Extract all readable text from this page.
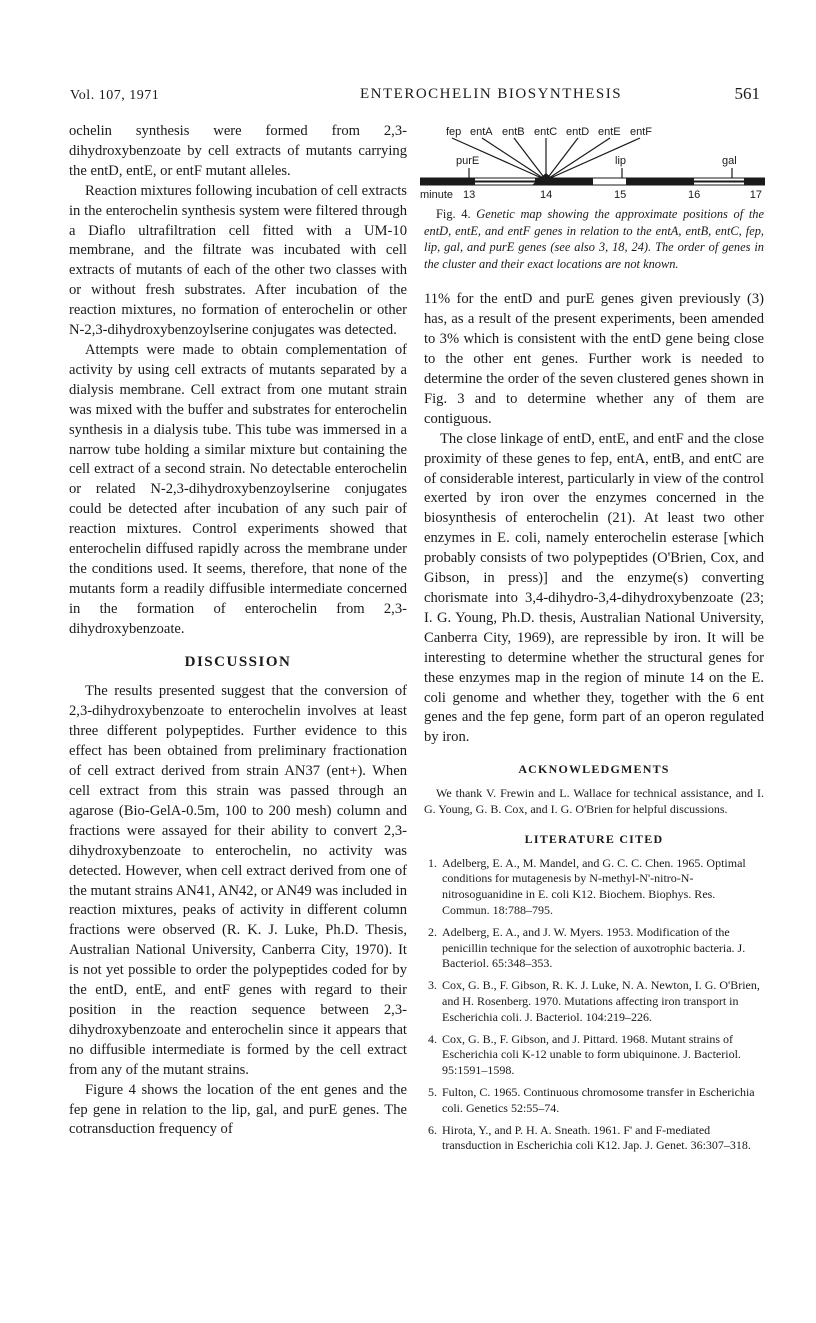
Vol. 107, 1971	ENTEROCHELIN BIOSYNTHESIS	561

ochelin synthesis were formed from 2,3-dihydroxybenzoate by cell extracts of mutants carrying the entD, entE, or entF mutant alleles.

Reaction mixtures following incubation of cell extracts in the enterochelin synthesis system were filtered through a Diaflo ultrafiltration cell fitted with a UM-10 membrane, and the filtrate was incubated with cell extracts of mutants of each of the other two classes with or without fresh substrates. After incubation of the reaction mixtures, no formation of enterochelin or other N-2,3-dihydroxybenzoylserine conjugates was detected.

Attempts were made to obtain complementation of activity by using cell extracts of mutants separated by a dialysis membrane. Cell extract from one mutant strain was mixed with the buffer and substrates for enterochelin synthesis in a dialysis tube. This tube was immersed in a narrow tube holding a similar mixture but containing the cell extract of a second strain. No detectable enterochelin or related N-2,3-dihydroxybenzoylserine conjugates could be detected after incubation of any such pair of reaction mixtures. Control experiments showed that enterochelin diffused rapidly across the membrane under the conditions used. It seems, therefore, that none of the mutants form a readily diffusible intermediate concerned in the formation of enterochelin from 2,3-dihydroxybenzoate.

DISCUSSION

The results presented suggest that the conversion of 2,3-dihydroxybenzoate to enterochelin involves at least three different polypeptides. Further evidence to this effect has been obtained from preliminary fractionation of cell extract derived from strain AN37 (ent+). When cell extract from this strain was passed through an agarose (Bio-GelA-0.5m, 100 to 200 mesh) column and fractions were assayed for their ability to convert 2,3-dihydroxybenzoate to enterochelin, no activity was detected. However, when cell extract derived from one of the mutant strains AN41, AN42, or AN49 was included in reaction mixtures, peaks of activity in different column fractions were observed (R. K. J. Luke, Ph.D. Thesis, Australian National University, Canberra City, 1970). It is not yet possible to order the polypeptides coded for by the entD, entE, and entF genes with regard to their position in the reaction sequence between 2,3-dihydroxybenzoate and enterochelin since it appears that no diffusible intermediate is formed by the cell extract from any of the mutant strains.

Figure 4 shows the location of the ent genes and the fep gene in relation to the lip, gal, and purE genes. The cotransduction frequency of

fep entA entB entC entD entE entF
purE	lip	gal
minute 13	14	15	16	17

Fig. 4. Genetic map showing the approximate positions of the entD, entE, and entF genes in relation to the entA, entB, entC, fep, lip, gal, and purE genes (see also 3, 18, 24). The order of genes in the cluster and their exact locations are not known.

11% for the entD and purE genes given previously (3) has, as a result of the present experiments, been amended to 3% which is consistent with the entD gene being close to the other ent genes. Further work is needed to determine the order of the seven clustered genes shown in Fig. 3 and to determine whether any of them are contiguous.

The close linkage of entD, entE, and entF and the close proximity of these genes to fep, entA, entB, and entC are of considerable interest, particularly in view of the control exerted by iron over the enzymes concerned in the biosynthesis of enterochelin (21). At least two other enzymes in E. coli, namely enterochelin esterase [which probably consists of two polypeptides (O'Brien, Cox, and Gibson, in press)] and the enzyme(s) converting chorismate into 3,4-dihydro-3,4-dihydroxybenzoate (23; I. G. Young, Ph.D. thesis, Australian National University, Canberra City, 1969), are repressible by iron. It will be interesting to determine whether the structural genes for these enzymes map in the region of minute 14 on the E. coli genome and whether they, together with the 6 ent genes and the fep gene, form part of an operon regulated by iron.

ACKNOWLEDGMENTS

We thank V. Frewin and L. Wallace for technical assistance, and I. G. Young, G. B. Cox, and I. G. O'Brien for helpful discussions.

LITERATURE CITED
1. Adelberg, E. A., M. Mandel, and G. C. C. Chen. 1965. Optimal conditions for mutagenesis by N-methyl-N'-nitro-N-nitrosoguanidine in E. coli K12. Biochem. Biophys. Res. Commun. 18:788–795.
2. Adelberg, E. A., and J. W. Myers. 1953. Modification of the penicillin technique for the selection of auxotrophic bacteria. J. Bacteriol. 65:348–353.
3. Cox, G. B., F. Gibson, R. K. J. Luke, N. A. Newton, I. G. O'Brien, and H. Rosenberg. 1970. Mutations affecting iron transport in Escherichia coli. J. Bacteriol. 104:219–226.
4. Cox, G. B., F. Gibson, and J. Pittard. 1968. Mutant strains of Escherichia coli K-12 unable to form ubiquinone. J. Bacteriol. 95:1591–1598.
5. Fulton, C. 1965. Continuous chromosome transfer in Escherichia coli. Genetics 52:55–74.
6. Hirota, Y., and P. H. A. Sneath. 1961. F' and F-mediated transduction in Escherichia coli K12. Jap. J. Genet. 36:307–318.
